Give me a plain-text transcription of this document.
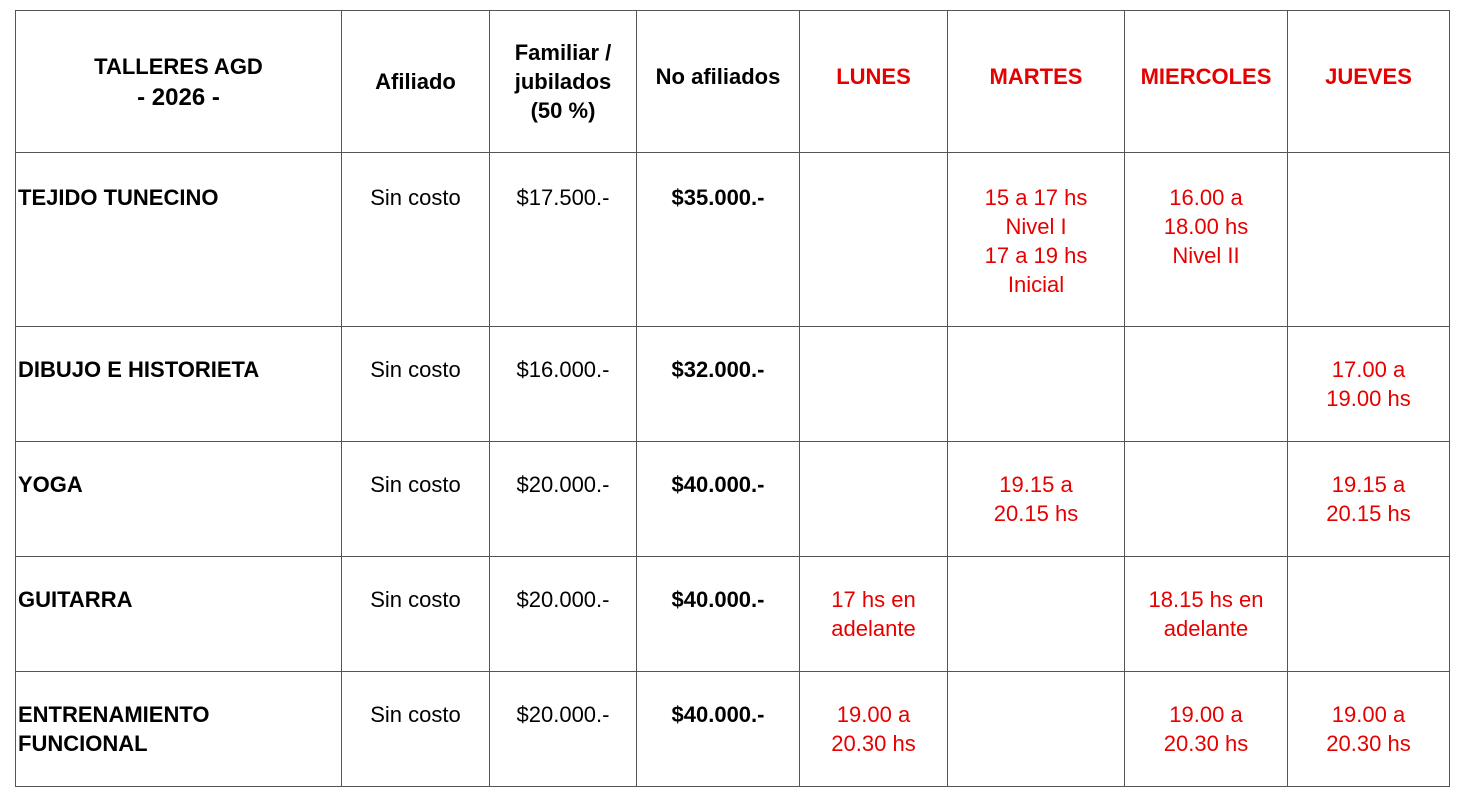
TALLERES AGD
- 2026 -	Afiliado	Familiar /
jubilados
(50 %)	No afiliados	LUNES	MARTES	MIERCOLES	JUEVES

TEJIDO TUNECINO	Sin costo	$17.500.-	$35.000.-		15 a 17 hs
Nivel I
17 a 19 hs
Inicial	16.00 a
18.00 hs
Nivel II	

DIBUJO E HISTORIETA	Sin costo	$16.000.-	$32.000.-				17.00 a
19.00 hs

YOGA	Sin costo	$20.000.-	$40.000.-		19.15 a
20.15 hs		19.15 a
20.15 hs

GUITARRA	Sin costo	$20.000.-	$40.000.-	17 hs en
adelante		18.15 hs en
adelante	

ENTRENAMIENTO
FUNCIONAL	Sin costo	$20.000.-	$40.000.-	19.00 a
20.30 hs		19.00 a
20.30 hs	19.00 a
20.30 hs
